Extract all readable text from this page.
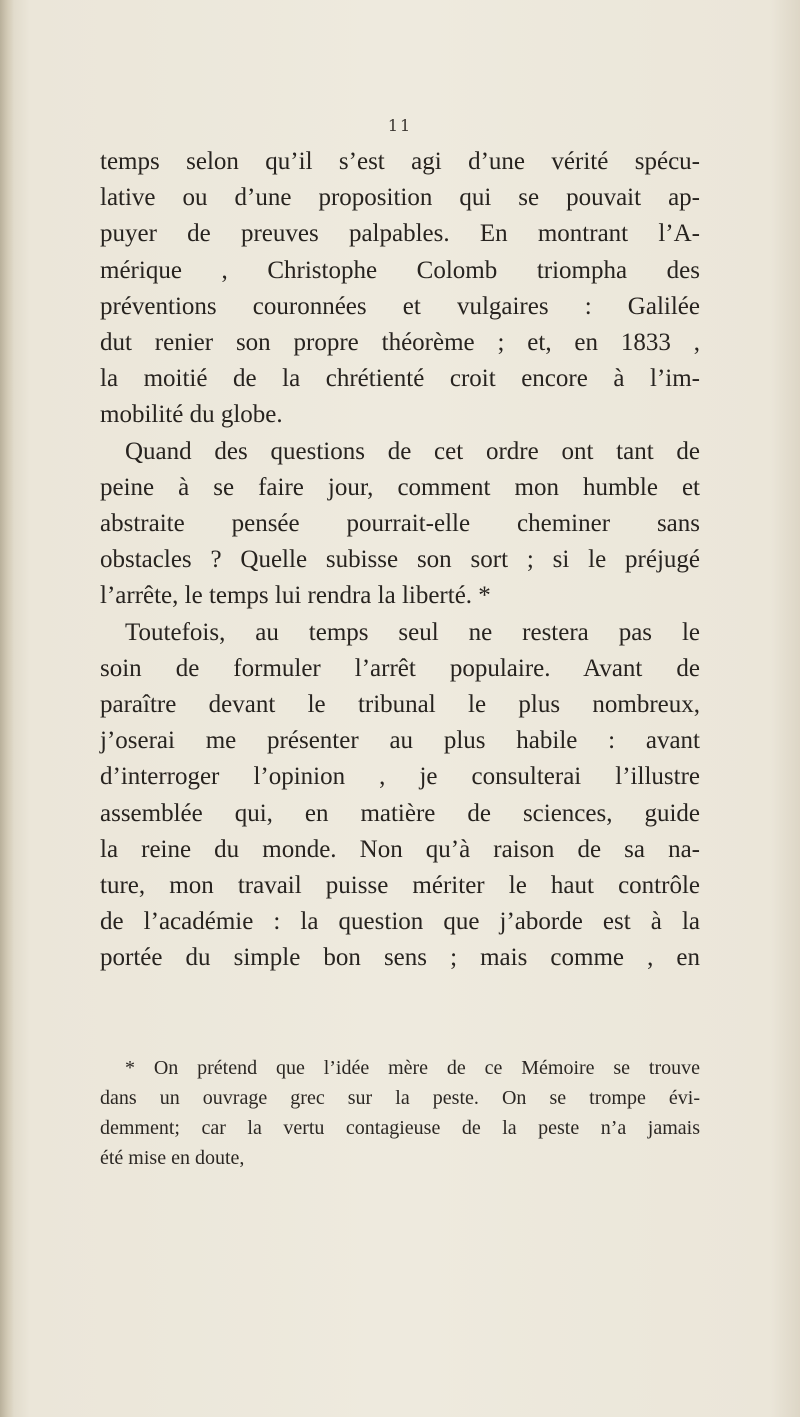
11
temps selon qu’il s’est agi d’une vérité spécu-
lative ou d’une proposition qui se pouvait ap-
puyer de preuves palpables. En montrant l’A-
mérique , Christophe Colomb triompha des
préventions couronnées et vulgaires : Galilée
dut renier son propre théorème ; et, en 1833 ,
la moitié de la chrétienté croit encore à l’im-
mobilité du globe.
Quand des questions de cet ordre ont tant de
peine à se faire jour, comment mon humble et
abstraite pensée pourrait-elle cheminer sans
obstacles ? Quelle subisse son sort ; si le préjugé
l’arrête, le temps lui rendra la liberté. *
Toutefois, au temps seul ne restera pas le
soin de formuler l’arrêt populaire. Avant de
paraître devant le tribunal le plus nombreux,
j’oserai me présenter au plus habile : avant
d’interroger l’opinion , je consulterai l’illustre
assemblée qui, en matière de sciences, guide
la reine du monde. Non qu’à raison de sa na-
ture, mon travail puisse mériter le haut contrôle
de l’académie : la question que j’aborde est à la
portée du simple bon sens ; mais comme , en
* On prétend que l’idée mère de ce Mémoire se trouve
dans un ouvrage grec sur la peste. On se trompe évi-
demment; car la vertu contagieuse de la peste n’a jamais
été mise en doute,
